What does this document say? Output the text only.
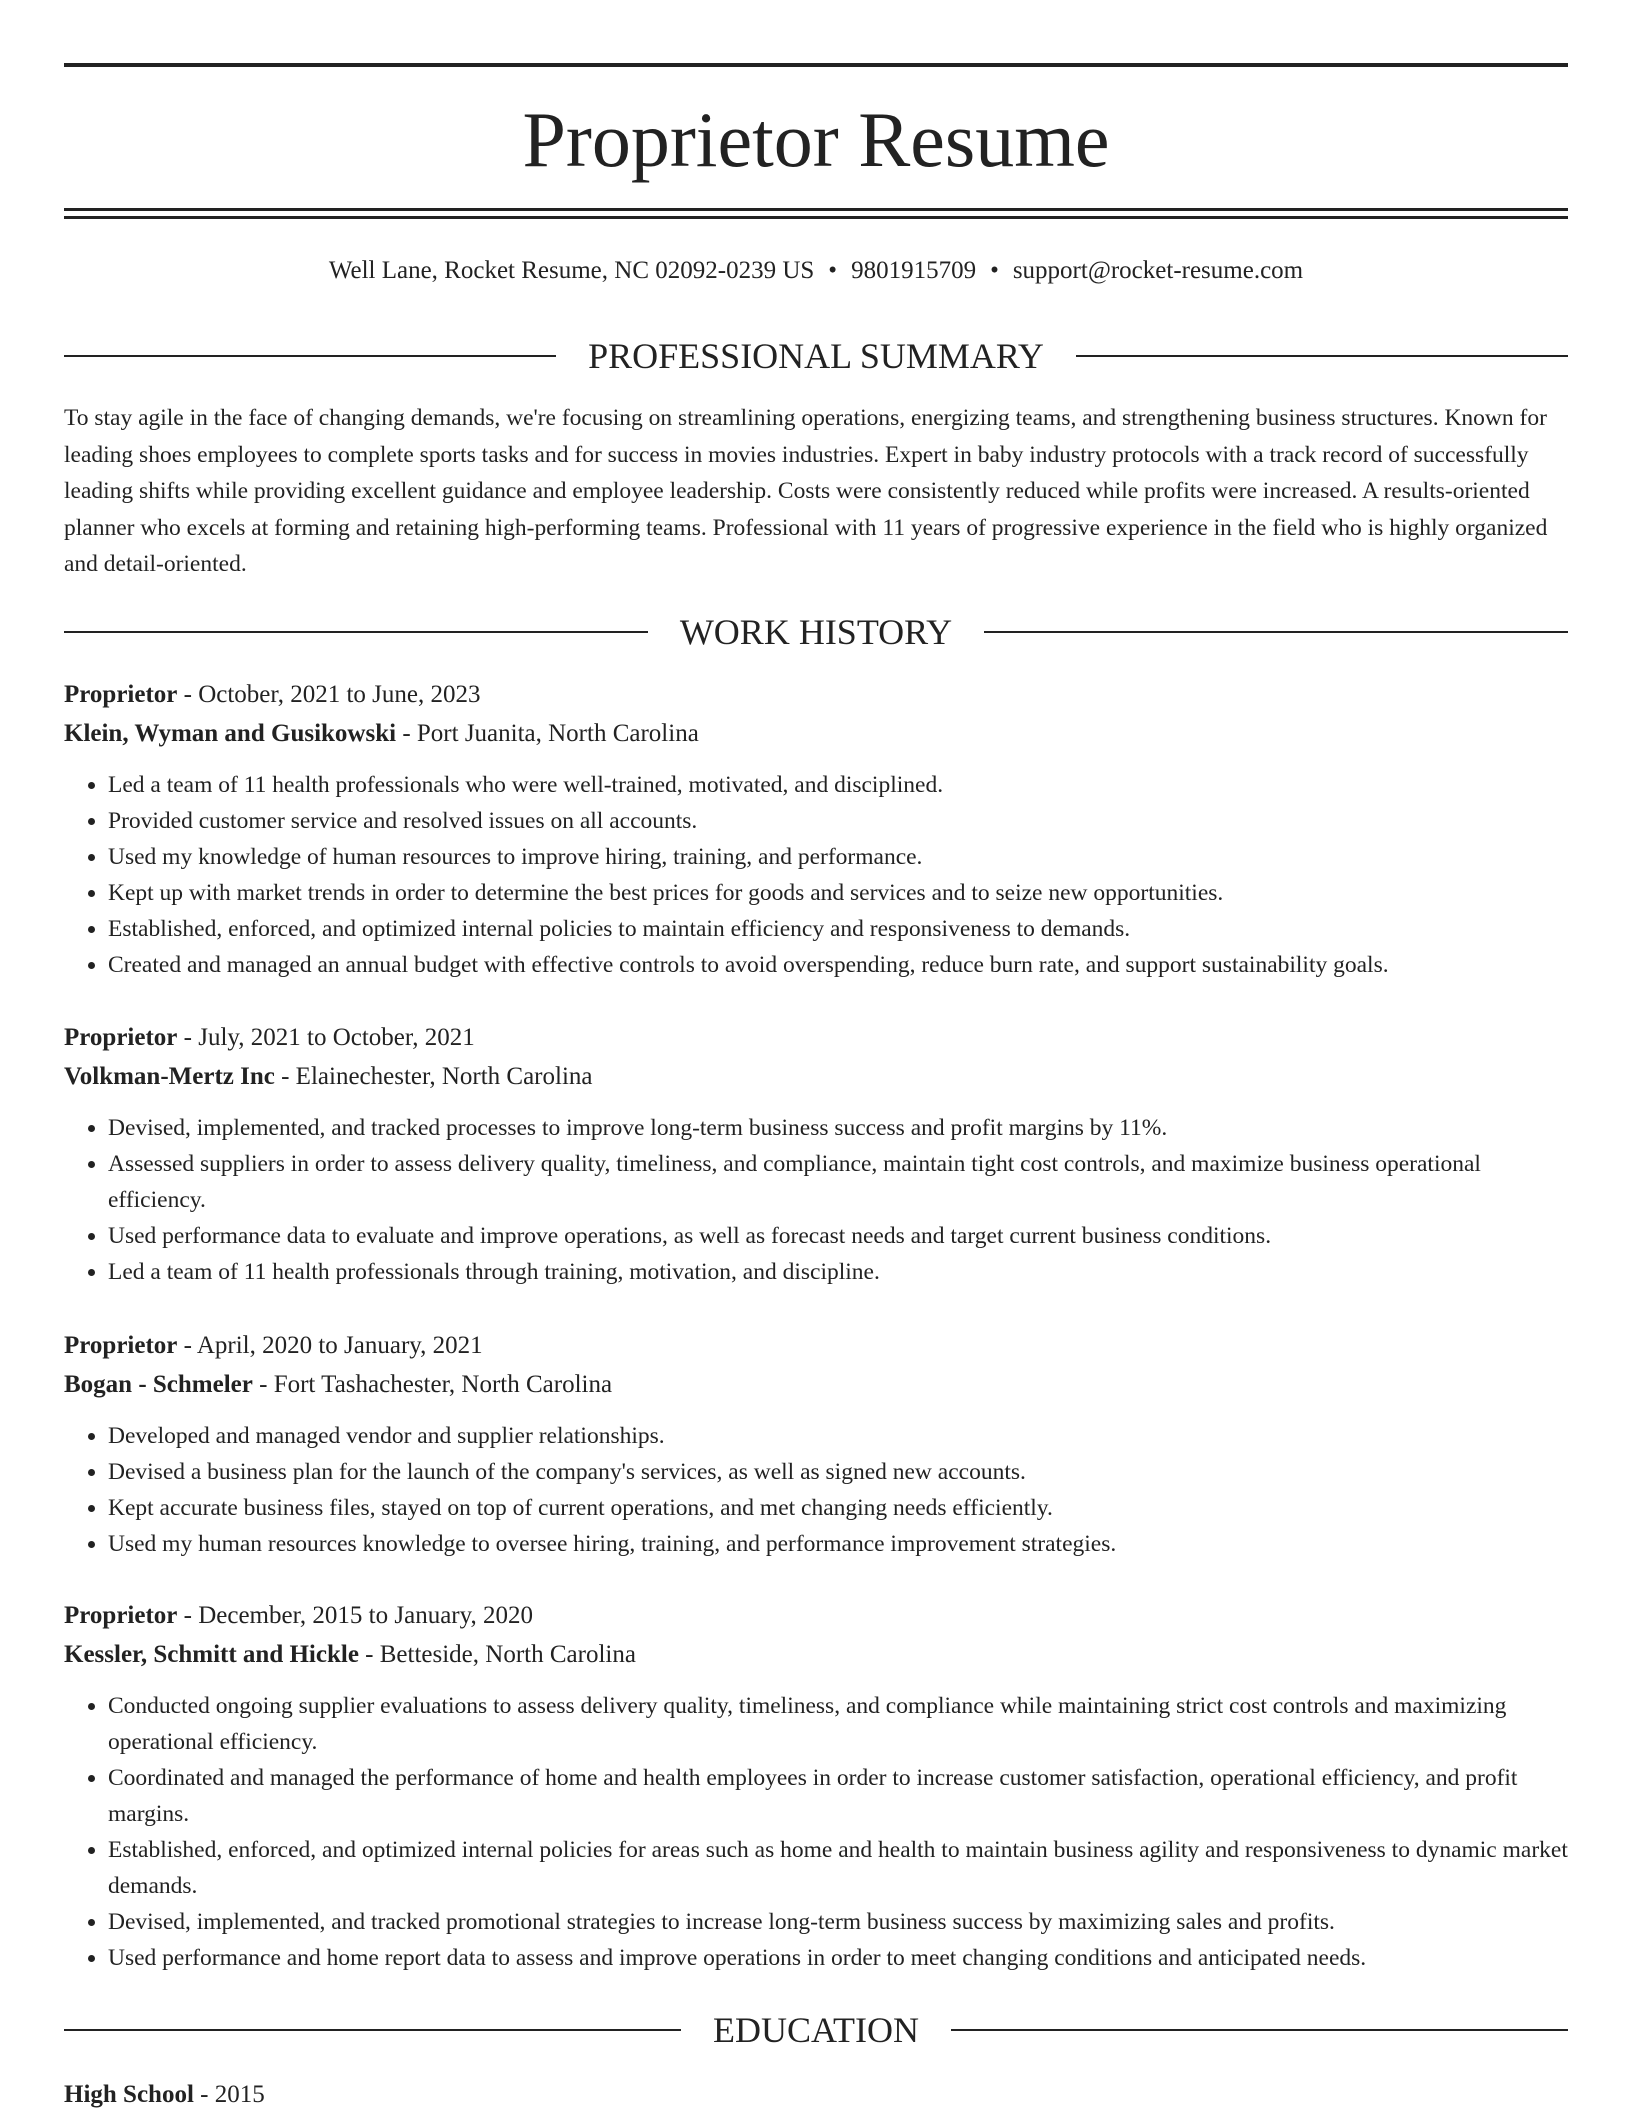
Proprietor Resume
Well Lane, Rocket Resume, NC 02092-0239 US • 9801915709 • support@rocket-resume.com
PROFESSIONAL SUMMARY
To stay agile in the face of changing demands, we're focusing on streamlining operations, energizing teams, and strengthening business structures. Known for leading shoes employees to complete sports tasks and for success in movies industries. Expert in baby industry protocols with a track record of successfully leading shifts while providing excellent guidance and employee leadership. Costs were consistently reduced while profits were increased. A results-oriented planner who excels at forming and retaining high-performing teams. Professional with 11 years of progressive experience in the field who is highly organized and detail-oriented.
WORK HISTORY
Proprietor - October, 2021 to June, 2023
Klein, Wyman and Gusikowski - Port Juanita, North Carolina
• Led a team of 11 health professionals who were well-trained, motivated, and disciplined.
• Provided customer service and resolved issues on all accounts.
• Used my knowledge of human resources to improve hiring, training, and performance.
• Kept up with market trends in order to determine the best prices for goods and services and to seize new opportunities.
• Established, enforced, and optimized internal policies to maintain efficiency and responsiveness to demands.
• Created and managed an annual budget with effective controls to avoid overspending, reduce burn rate, and support sustainability goals.
Proprietor - July, 2021 to October, 2021
Volkman-Mertz Inc - Elainechester, North Carolina
• Devised, implemented, and tracked processes to improve long-term business success and profit margins by 11%.
• Assessed suppliers in order to assess delivery quality, timeliness, and compliance, maintain tight cost controls, and maximize business operational efficiency.
• Used performance data to evaluate and improve operations, as well as forecast needs and target current business conditions.
• Led a team of 11 health professionals through training, motivation, and discipline.
Proprietor - April, 2020 to January, 2021
Bogan - Schmeler - Fort Tashachester, North Carolina
• Developed and managed vendor and supplier relationships.
• Devised a business plan for the launch of the company's services, as well as signed new accounts.
• Kept accurate business files, stayed on top of current operations, and met changing needs efficiently.
• Used my human resources knowledge to oversee hiring, training, and performance improvement strategies.
Proprietor - December, 2015 to January, 2020
Kessler, Schmitt and Hickle - Betteside, North Carolina
• Conducted ongoing supplier evaluations to assess delivery quality, timeliness, and compliance while maintaining strict cost controls and maximizing operational efficiency.
• Coordinated and managed the performance of home and health employees in order to increase customer satisfaction, operational efficiency, and profit margins.
• Established, enforced, and optimized internal policies for areas such as home and health to maintain business agility and responsiveness to dynamic market demands.
• Devised, implemented, and tracked promotional strategies to increase long-term business success by maximizing sales and profits.
• Used performance and home report data to assess and improve operations in order to meet changing conditions and anticipated needs.
EDUCATION
High School - 2015
